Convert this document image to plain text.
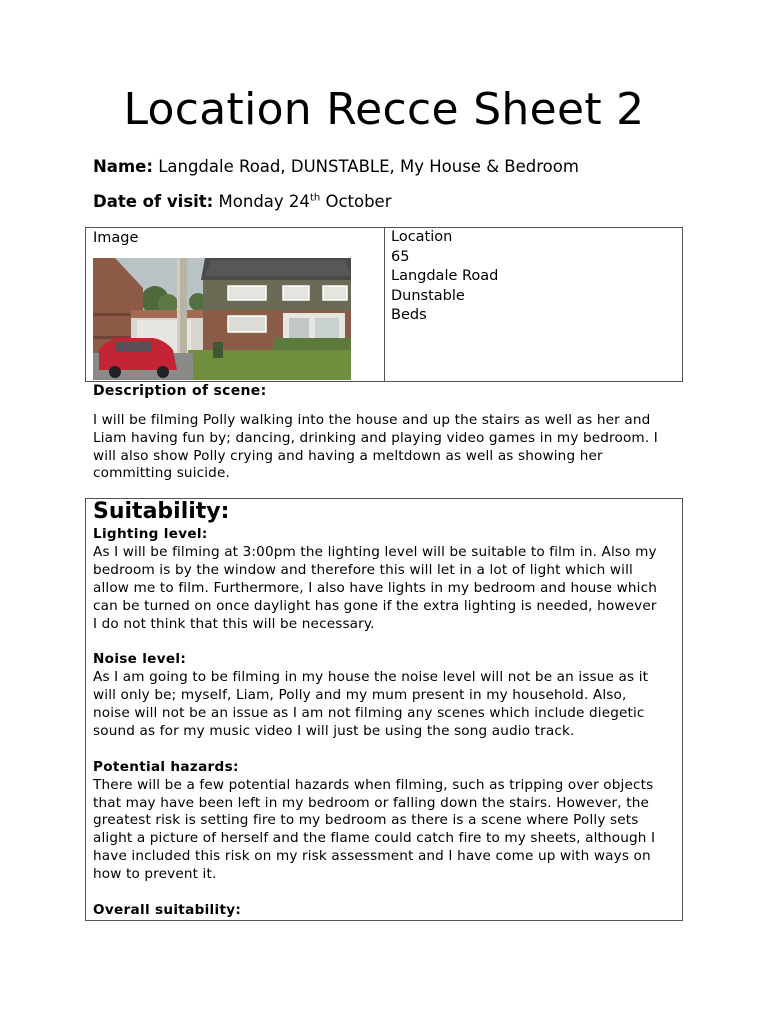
Location Recce Sheet 2
Name: Langdale Road, DUNSTABLE, My House & Bedroom
Date of visit: Monday 24th October
Image	Location
65
Langdale Road
Dunstable
Beds
Description of scene:
I will be filming Polly walking into the house and up the stairs as well as her and
Liam having fun by; dancing, drinking and playing video games in my bedroom. I
will also show Polly crying and having a meltdown as well as showing her
committing suicide.
Suitability:
Lighting level:
As I will be filming at 3:00pm the lighting level will be suitable to film in. Also my
bedroom is by the window and therefore this will let in a lot of light which will
allow me to film. Furthermore, I also have lights in my bedroom and house which
can be turned on once daylight has gone if the extra lighting is needed, however
I do not think that this will be necessary.
Noise level:
As I am going to be filming in my house the noise level will not be an issue as it
will only be; myself, Liam, Polly and my mum present in my household. Also,
noise will not be an issue as I am not filming any scenes which include diegetic
sound as for my music video I will just be using the song audio track.
Potential hazards:
There will be a few potential hazards when filming, such as tripping over objects
that may have been left in my bedroom or falling down the stairs. However, the
greatest risk is setting fire to my bedroom as there is a scene where Polly sets
alight a picture of herself and the flame could catch fire to my sheets, although I
have included this risk on my risk assessment and I have come up with ways on
how to prevent it.
Overall suitability:
